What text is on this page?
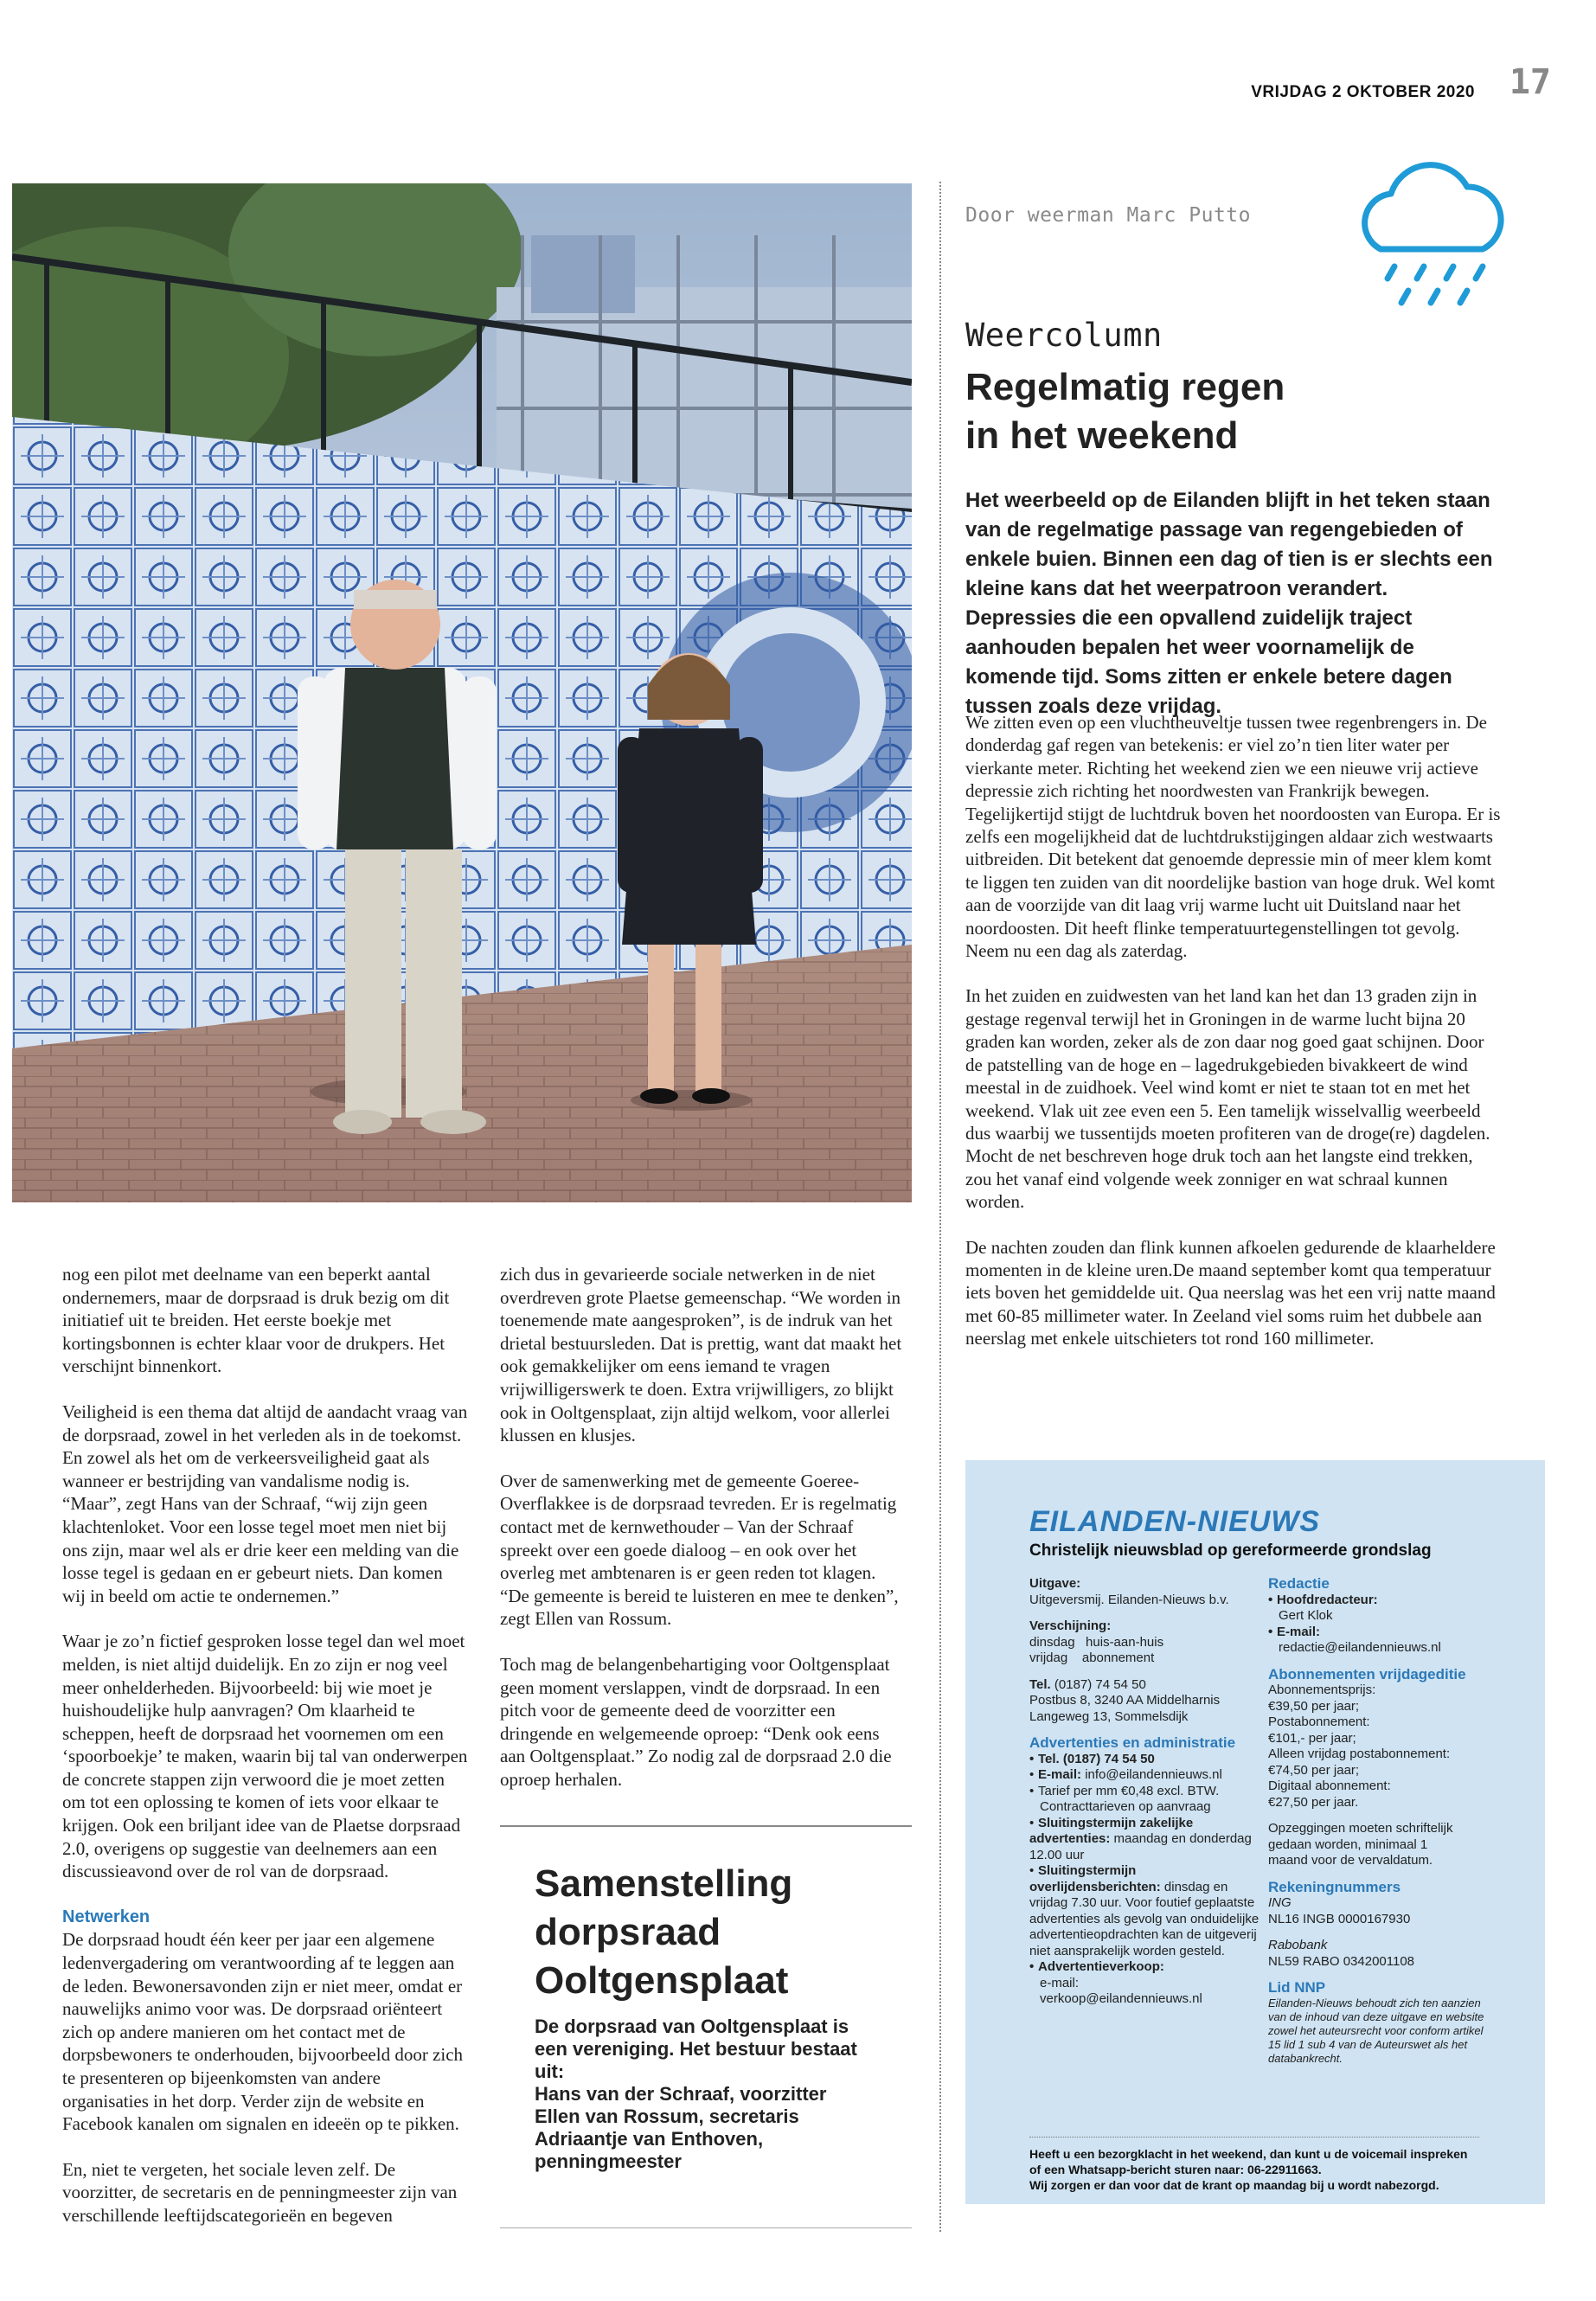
VRIJDAG 2 OKTOBER 2020 17
Door weerman Marc Putto
Weercolumn
Regelmatig regen
in het weekend
Het weerbeeld op de Eilanden blijft in het teken staan van de regelmatige passage van regengebieden of enkele buien. Binnen een dag of tien is er slechts een kleine kans dat het weerpatroon verandert. Depressies die een opvallend zuidelijk traject aanhouden bepalen het weer voornamelijk de komende tijd. Soms zitten er enkele betere dagen tussen zoals deze vrijdag.

We zitten even op een vluchtheuveltje tussen twee regenbrengers in. De donderdag gaf regen van betekenis: er viel zo’n tien liter water per vierkante meter. Richting het weekend zien we een nieuwe vrij actieve depressie zich richting het noordwesten van Frankrijk bewegen. Tegelijkertijd stijgt de luchtdruk boven het noordoosten van Europa. Er is zelfs een mogelijkheid dat de luchtdrukstijgingen aldaar zich westwaarts uitbreiden. Dit betekent dat genoemde depressie min of meer klem komt te liggen ten zuiden van dit noordelijke bastion van hoge druk. Wel komt aan de voorzijde van dit laag vrij warme lucht uit Duitsland naar het noordoosten. Dit heeft flinke temperatuurtegenstellingen tot gevolg. Neem nu een dag als zaterdag.

In het zuiden en zuidwesten van het land kan het dan 13 graden zijn in gestage regenval terwijl het in Groningen in de warme lucht bijna 20 graden kan worden, zeker als de zon daar nog goed gaat schijnen. Door de patstelling van de hoge en – lagedrukgebieden bivakkeert de wind meestal in de zuidhoek. Veel wind komt er niet te staan tot en met het weekend. Vlak uit zee even een 5. Een tamelijk wisselvallig weerbeeld dus waarbij we tussentijds moeten profiteren van de droge(re) dagdelen. Mocht de net beschreven hoge druk toch aan het langste eind trekken, zou het vanaf eind volgende week zonniger en wat schraal kunnen worden.

De nachten zouden dan flink kunnen afkoelen gedurende de klaarheldere momenten in de kleine uren.De maand september komt qua temperatuur iets boven het gemiddelde uit. Qua neerslag was het een vrij natte maand met 60-85 millimeter water. In Zeeland viel soms ruim het dubbele aan neerslag met enkele uitschieters tot rond 160 millimeter.

nog een pilot met deelname van een beperkt aantal ondernemers, maar de dorpsraad is druk bezig om dit initiatief uit te breiden. Het eerste boekje met kortingsbonnen is echter klaar voor de drukpers. Het verschijnt binnenkort.

Veiligheid is een thema dat altijd de aandacht vraag van de dorpsraad, zowel in het verleden als in de toekomst. En zowel als het om de verkeersveiligheid gaat als wanneer er bestrijding van vandalisme nodig is. “Maar”, zegt Hans van der Schraaf, “wij zijn geen klachtenloket. Voor een losse tegel moet men niet bij ons zijn, maar wel als er drie keer een melding van die losse tegel is gedaan en er gebeurt niets. Dan komen wij in beeld om actie te ondernemen.”

Waar je zo’n fictief gesproken losse tegel dan wel moet melden, is niet altijd duidelijk. En zo zijn er nog veel meer onhelderheden. Bijvoorbeeld: bij wie moet je huishoudelijke hulp aanvragen? Om klaarheid te scheppen, heeft de dorpsraad het voornemen om een ‘spoorboekje’ te maken, waarin bij tal van onderwerpen de concrete stappen zijn verwoord die je moet zetten om tot een oplossing te komen of iets voor elkaar te krijgen. Ook een briljant idee van de Plaetse dorpsraad 2.0, overigens op suggestie van deelnemers aan een discussieavond over de rol van de dorpsraad.

Netwerken

De dorpsraad houdt één keer per jaar een algemene ledenvergadering om verantwoording af te leggen aan de leden. Bewonersavonden zijn er niet meer, omdat er nauwelijks animo voor was. De dorpsraad oriënteert zich op andere manieren om het contact met de dorpsbewoners te onderhouden, bijvoorbeeld door zich te presenteren op bijeenkomsten van andere organisaties in het dorp. Verder zijn de website en Facebook kanalen om signalen en ideeën op te pikken.

En, niet te vergeten, het sociale leven zelf. De voorzitter, de secretaris en de penningmeester zijn van verschillende leeftijdscategorieën en begeven

zich dus in gevarieerde sociale netwerken in de niet overdreven grote Plaetse gemeenschap. “We worden in toenemende mate aangesproken”, is de indruk van het drietal bestuursleden. Dat is prettig, want dat maakt het ook gemakkelijker om eens iemand te vragen vrijwilligerswerk te doen. Extra vrijwilligers, zo blijkt ook in Ooltgensplaat, zijn altijd welkom, voor allerlei klussen en klusjes.

Over de samenwerking met de gemeente Goeree-Overflakkee is de dorpsraad tevreden. Er is regelmatig contact met de kernwethouder – Van der Schraaf spreekt over een goede dialoog – en ook over het overleg met ambtenaren is er geen reden tot klagen. “De gemeente is bereid te luisteren en mee te denken”, zegt Ellen van Rossum.

Toch mag de belangenbehartiging voor Ooltgensplaat geen moment verslappen, vindt de dorpsraad. In een pitch voor de gemeente deed de voorzitter een dringende en welgemeende oproep: “Denk ook eens aan Ooltgensplaat.” Zo nodig zal de dorpsraad 2.0 die oproep herhalen.

Samenstelling
dorpsraad
Ooltgensplaat
De dorpsraad van Ooltgensplaat is een vereniging. Het bestuur bestaat uit:
Hans van der Schraaf, voorzitter
Ellen van Rossum, secretaris
Adriaantje van Enthoven,
penningmeester
EILANDEN-NIEUWS
Christelijk nieuwsblad op gereformeerde grondslag
Uitgave:
Uitgeversmij. Eilanden-Nieuws b.v.
Verschijning:
dinsdag   huis-aan-huis
vrijdag    abonnement
Tel. (0187) 74 54 50
Postbus 8, 3240 AA Middelharnis
Langeweg 13, Sommelsdijk
Advertenties en administratie
• Tel. (0187) 74 54 50
• E-mail: info@eilandennieuws.nl
• Tarief per mm €0,48 excl. BTW.
Contracttarieven op aanvraag
• Sluitingstermijn zakelijke advertenties: maandag en donderdag 12.00 uur
• Sluitingstermijn overlijdensberichten: dinsdag en vrijdag 7.30 uur. Voor foutief geplaatste advertenties als gevolg van onduidelijke advertentieopdrachten kan de uitgeverij niet aansprakelijk worden gesteld.
• Advertentieverkoop:
e-mail:
verkoop@eilandennieuws.nl
Redactie
• Hoofdredacteur:
Gert Klok
• E-mail:
redactie@eilandennieuws.nl
Abonnementen vrijdageditie
Abonnementsprijs:
€39,50 per jaar;
Postabonnement:
€101,- per jaar;
Alleen vrijdag postabonnement:
€74,50 per jaar;
Digitaal abonnement:
€27,50 per jaar.
Opzeggingen moeten schriftelijk gedaan worden, minimaal 1 maand voor de vervaldatum.
Rekeningnummers
ING
NL16 INGB 0000167930
Rabobank
NL59 RABO 0342001108
Lid NNP
Eilanden-Nieuws behoudt zich ten aanzien van de inhoud van deze uitgave en website zowel het auteursrecht voor conform artikel 15 lid 1 sub 4 van de Auteurswet als het databankrecht.
Heeft u een bezorgklacht in het weekend, dan kunt u de voicemail inspreken
of een Whatsapp-bericht sturen naar: 06-22911663.
Wij zorgen er dan voor dat de krant op maandag bij u wordt nabezorgd.
